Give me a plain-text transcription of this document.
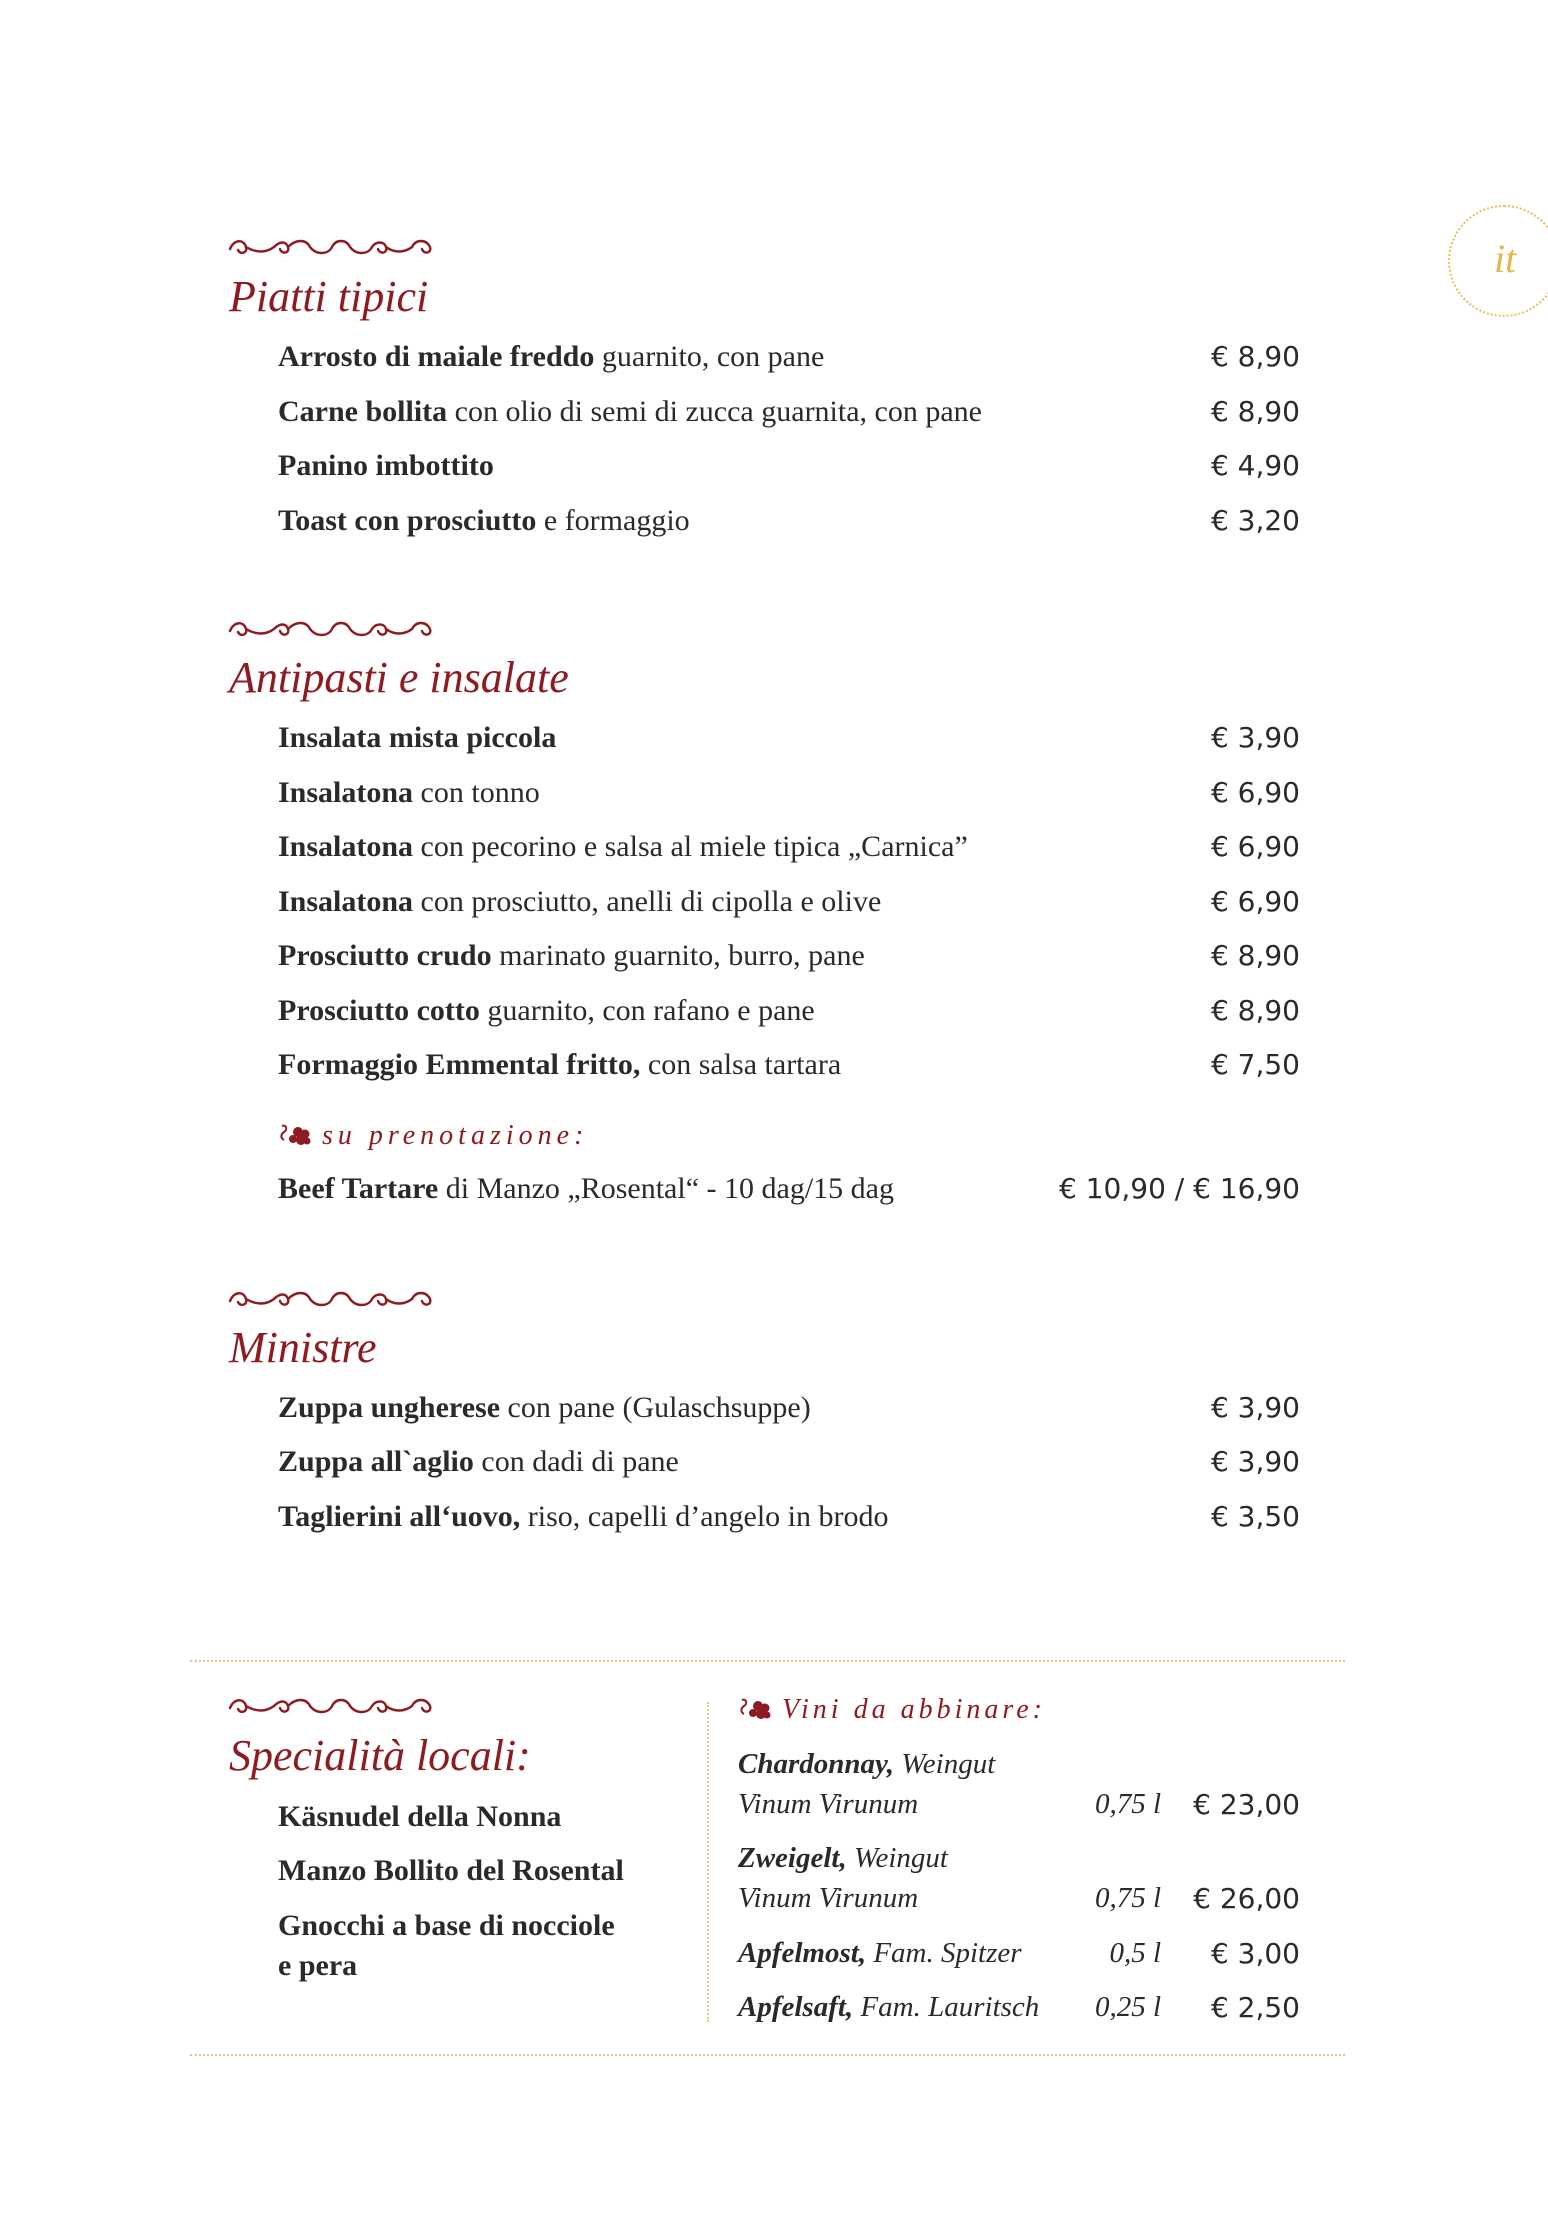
it
Piatti tipici
Arrosto di maiale freddo guarnito, con pane	€ 8,90
Carne bollita con olio di semi di zucca guarnita, con pane	€ 8,90
Panino imbottito	€ 4,90
Toast con prosciutto e formaggio	€ 3,20
Antipasti e insalate
Insalata mista piccola	€ 3,90
Insalatona con tonno	€ 6,90
Insalatona con pecorino e salsa al miele tipica „Carnica”	€ 6,90
Insalatona con prosciutto, anelli di cipolla e olive	€ 6,90
Prosciutto crudo marinato guarnito, burro, pane	€ 8,90
Prosciutto cotto guarnito, con rafano e pane	€ 8,90
Formaggio Emmental fritto, con salsa tartara	€ 7,50
su prenotazione:
Beef Tartare di Manzo „Rosental“ - 10 dag/15 dag	€ 10,90 / € 16,90
Ministre
Zuppa ungherese con pane (Gulaschsuppe)	€ 3,90
Zuppa all`aglio con dadi di pane	€ 3,90
Taglierini all‘uovo, riso, capelli d’angelo in brodo	€ 3,50
Specialità locali:
Käsnudel della Nonna
Manzo Bollito del Rosental
Gnocchi a base di nocciole
e pera
Vini da abbinare:
Chardonnay, Weingut
Vinum Virunum	0,75 l € 23,00
Zweigelt, Weingut
Vinum Virunum	0,75 l € 26,00
Apfelmost, Fam. Spitzer	0,5 l € 3,00
Apfelsaft, Fam. Lauritsch 0,25 l € 2,50
